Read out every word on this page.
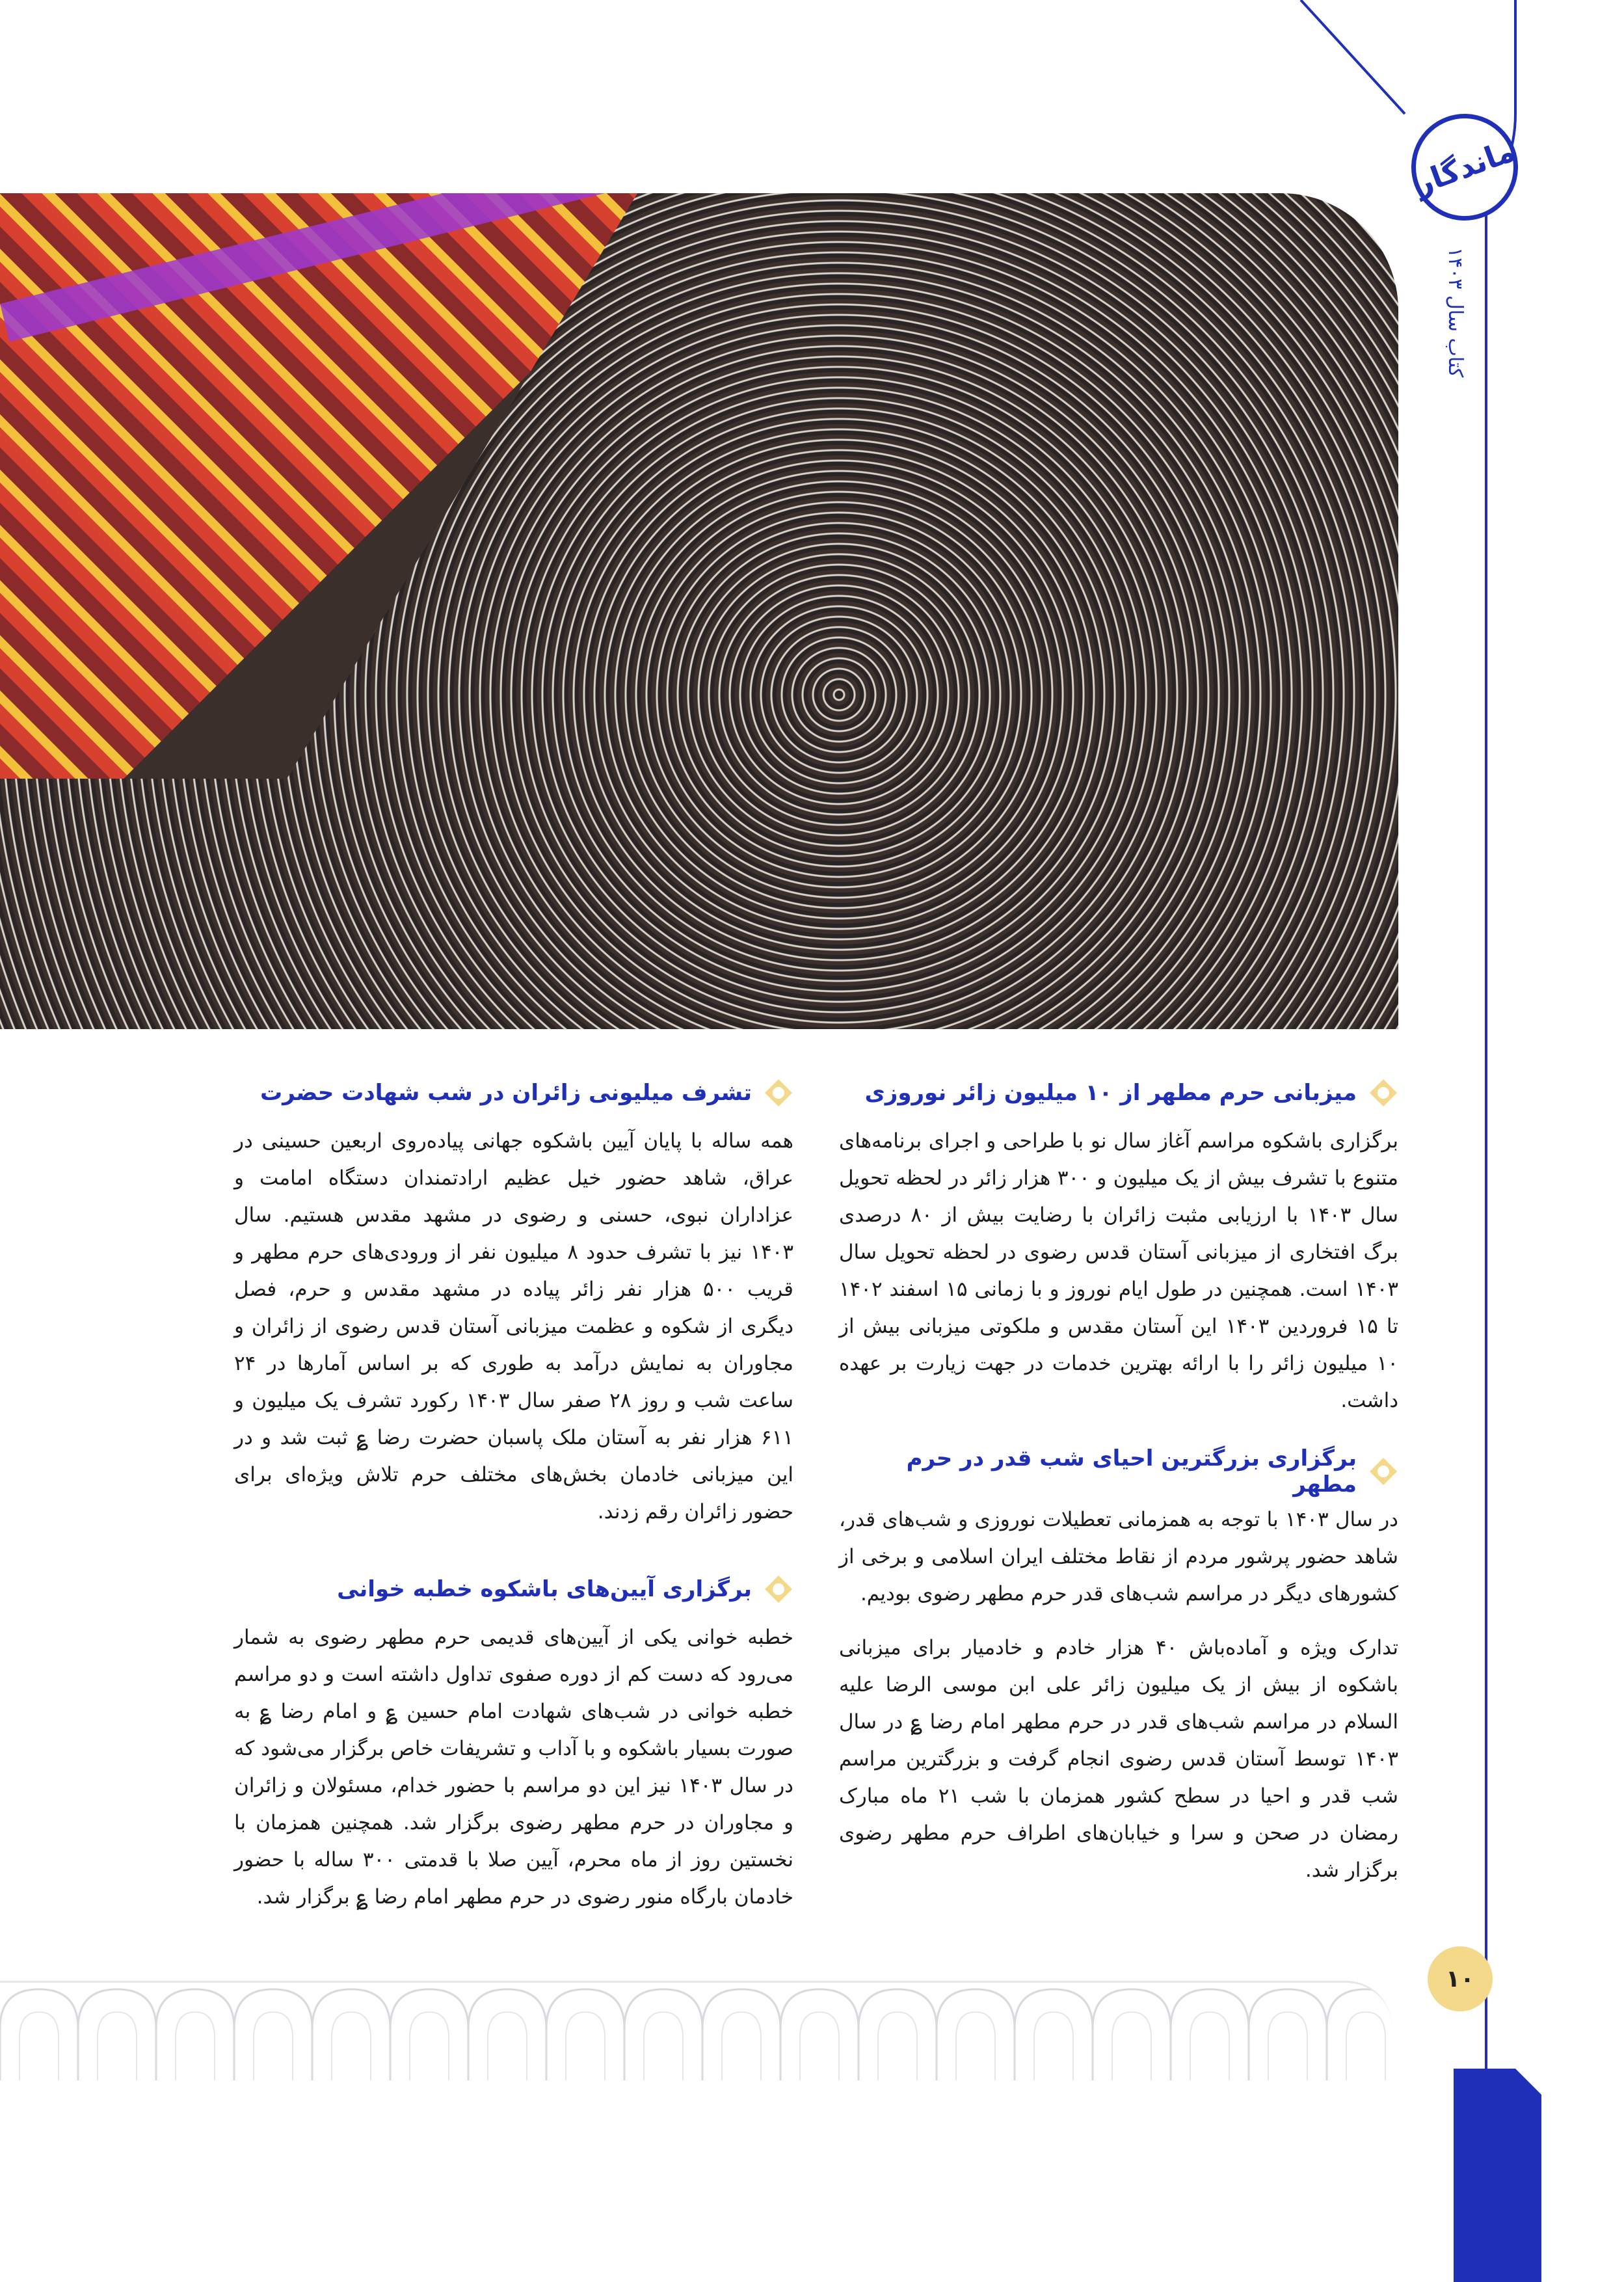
ماندگار
کتاب سال ۱۴۰۳
میزبانی حرم مطهر از ۱۰ میلیون زائر نوروزی

برگزاری باشکوه مراسم آغاز سال نو با طراحی و اجرای برنامه‌های متنوع با تشرف بیش از یک میلیون و ۳۰۰ هزار زائر در لحظه تحویل سال ۱۴۰۳ با ارزیابی مثبت زائران با رضایت بیش از ۸۰ درصدی برگ افتخاری از میزبانی آستان قدس رضوی در لحظه تحویل سال ۱۴۰۳ است. همچنین در طول ایام نوروز و با زمانی ۱۵ اسفند ۱۴۰۲ تا ۱۵ فروردین ۱۴۰۳ این آستان مقدس و ملکوتی میزبانی بیش از ۱۰ میلیون زائر را با ارائه بهترین خدمات در جهت زیارت بر عهده داشت.

برگزاری بزرگترین احیای شب قدر در حرم مطهر

در سال ۱۴۰۳ با توجه به همزمانی تعطیلات نوروزی و شب‌های قدر، شاهد حضور پرشور مردم از نقاط مختلف ایران اسلامی و برخی از کشورهای دیگر در مراسم شب‌های قدر حرم مطهر رضوی بودیم.

تدارک ویژه و آماده‌باش ۴۰ هزار خادم و خادمیار برای میزبانی باشکوه از بیش از یک میلیون زائر علی ابن موسی الرضا علیه السلام در مراسم شب‌های قدر در حرم مطهر امام رضا ؏ در سال ۱۴۰۳ توسط آستان قدس رضوی انجام گرفت و بزرگترین مراسم شب قدر و احیا در سطح کشور همزمان با شب ۲۱ ماه مبارک رمضان در صحن و سرا و خیابان‌های اطراف حرم مطهر رضوی برگزار شد.

تشرف میلیونی زائران در شب شهادت حضرت

همه ساله با پایان آیین باشکوه جهانی پیاده‌روی اربعین حسینی در عراق، شاهد حضور خیل عظیم ارادتمندان دستگاه امامت و عزاداران نبوی، حسنی و رضوی در مشهد مقدس هستیم. سال ۱۴۰۳ نیز با تشرف حدود ۸ میلیون نفر از ورودی‌های حرم مطهر و قریب ۵۰۰ هزار نفر زائر پیاده در مشهد مقدس و حرم، فصل دیگری از شکوه و عظمت میزبانی آستان قدس رضوی از زائران و مجاوران به نمایش درآمد به طوری که بر اساس آمارها در ۲۴ ساعت شب و روز ۲۸ صفر سال ۱۴۰۳ رکورد تشرف یک میلیون و ۶۱۱ هزار نفر به آستان ملک پاسبان حضرت رضا ؏ ثبت شد و در این میزبانی خادمان بخش‌های مختلف حرم تلاش ویژه‌ای برای حضور زائران رقم زدند.

برگزاری آیین‌های باشکوه خطبه خوانی

خطبه خوانی یکی از آیین‌های قدیمی حرم مطهر رضوی به شمار می‌رود که دست کم از دوره صفوی تداول داشته است و دو مراسم خطبه خوانی در شب‌های شهادت امام حسین ؏ و امام رضا ؏ به صورت بسیار باشکوه و با آداب و تشریفات خاص برگزار می‌شود که در سال ۱۴۰۳ نیز این دو مراسم با حضور خدام، مسئولان و زائران و مجاوران در حرم مطهر رضوی برگزار شد. همچنین همزمان با نخستین روز از ماه محرم، آیین صلا با قدمتی ۳۰۰ ساله با حضور خادمان بارگاه منور رضوی در حرم مطهر امام رضا ؏ برگزار شد.

۱۰
